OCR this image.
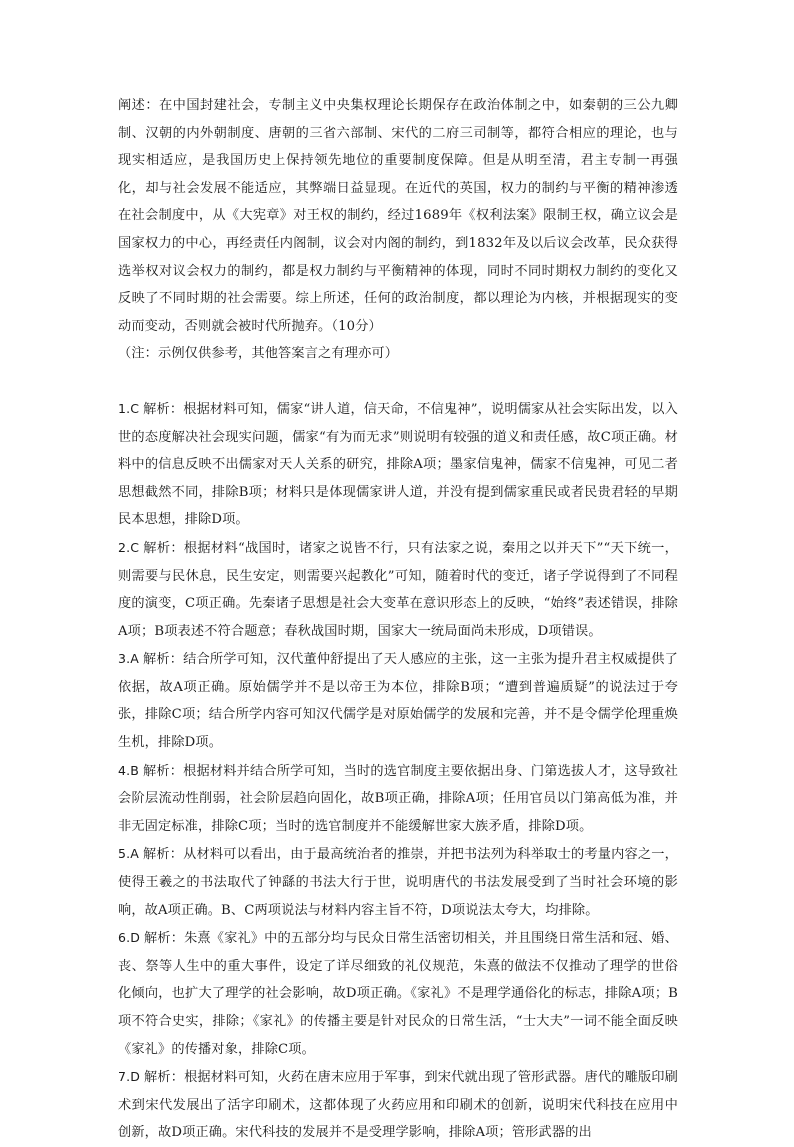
阐述：在中国封建社会，专制主义中央集权理论长期保存在政治体制之中，如秦朝的三公九卿制、汉朝的内外朝制度、唐朝的三省六部制、宋代的二府三司制等，都符合相应的理论，也与现实相适应，是我国历史上保持领先地位的重要制度保障。但是从明至清，君主专制一再强化，却与社会发展不能适应，其弊端日益显现。在近代的英国，权力的制约与平衡的精神渗透在社会制度中，从《大宪章》对王权的制约，经过1689年《权利法案》限制王权，确立议会是国家权力的中心，再经责任内阁制，议会对内阁的制约，到1832年及以后议会改革，民众获得选举权对议会权力的制约，都是权力制约与平衡精神的体现，同时不同时期权力制约的变化又反映了不同时期的社会需要。综上所述，任何的政治制度，都以理论为内核，并根据现实的变动而变动，否则就会被时代所抛弃。（10分）

（注：示例仅供参考，其他答案言之有理亦可）

1.C 解析：根据材料可知，儒家“讲人道，信天命，不信鬼神”，说明儒家从社会实际出发，以入世的态度解决社会现实问题，儒家“有为而无求”则说明有较强的道义和责任感，故C项正确。材料中的信息反映不出儒家对天人关系的研究，排除A项；墨家信鬼神，儒家不信鬼神，可见二者思想截然不同，排除B项；材料只是体现儒家讲人道，并没有提到儒家重民或者民贵君轻的早期民本思想，排除D项。

2.C 解析：根据材料“战国时，诸家之说皆不行，只有法家之说，秦用之以并天下”“天下统一，则需要与民休息，民生安定，则需要兴起教化”可知，随着时代的变迁，诸子学说得到了不同程度的演变，C项正确。先秦诸子思想是社会大变革在意识形态上的反映，“始终”表述错误，排除A项；B项表述不符合题意；春秋战国时期，国家大一统局面尚未形成，D项错误。

3.A 解析：结合所学可知，汉代董仲舒提出了天人感应的主张，这一主张为提升君主权威提供了依据，故A项正确。原始儒学并不是以帝王为本位，排除B项；“遭到普遍质疑”的说法过于夸张，排除C项；结合所学内容可知汉代儒学是对原始儒学的发展和完善，并不是令儒学伦理重焕生机，排除D项。

4.B 解析：根据材料并结合所学可知，当时的选官制度主要依据出身、门第选拔人才，这导致社会阶层流动性削弱，社会阶层趋向固化，故B项正确，排除A项；任用官员以门第高低为准，并非无固定标准，排除C项；当时的选官制度并不能缓解世家大族矛盾，排除D项。

5.A 解析：从材料可以看出，由于最高统治者的推崇，并把书法列为科举取士的考量内容之一，使得王羲之的书法取代了钟繇的书法大行于世，说明唐代的书法发展受到了当时社会环境的影响，故A项正确。B、C两项说法与材料内容主旨不符，D项说法太夸大，均排除。

6.D 解析：朱熹《家礼》中的五部分均与民众日常生活密切相关，并且围绕日常生活和冠、婚、丧、祭等人生中的重大事件，设定了详尽细致的礼仪规范，朱熹的做法不仅推动了理学的世俗化倾向，也扩大了理学的社会影响，故D项正确。《家礼》不是理学通俗化的标志，排除A项；B项不符合史实，排除；《家礼》的传播主要是针对民众的日常生活，“士大夫”一词不能全面反映《家礼》的传播对象，排除C项。

7.D 解析：根据材料可知，火药在唐末应用于军事，到宋代就出现了管形武器。唐代的雕版印刷术到宋代发展出了活字印刷术，这都体现了火药应用和印刷术的创新，说明宋代科技在应用中创新，故D项正确。宋代科技的发展并不是受理学影响，排除A项；管形武器的出
